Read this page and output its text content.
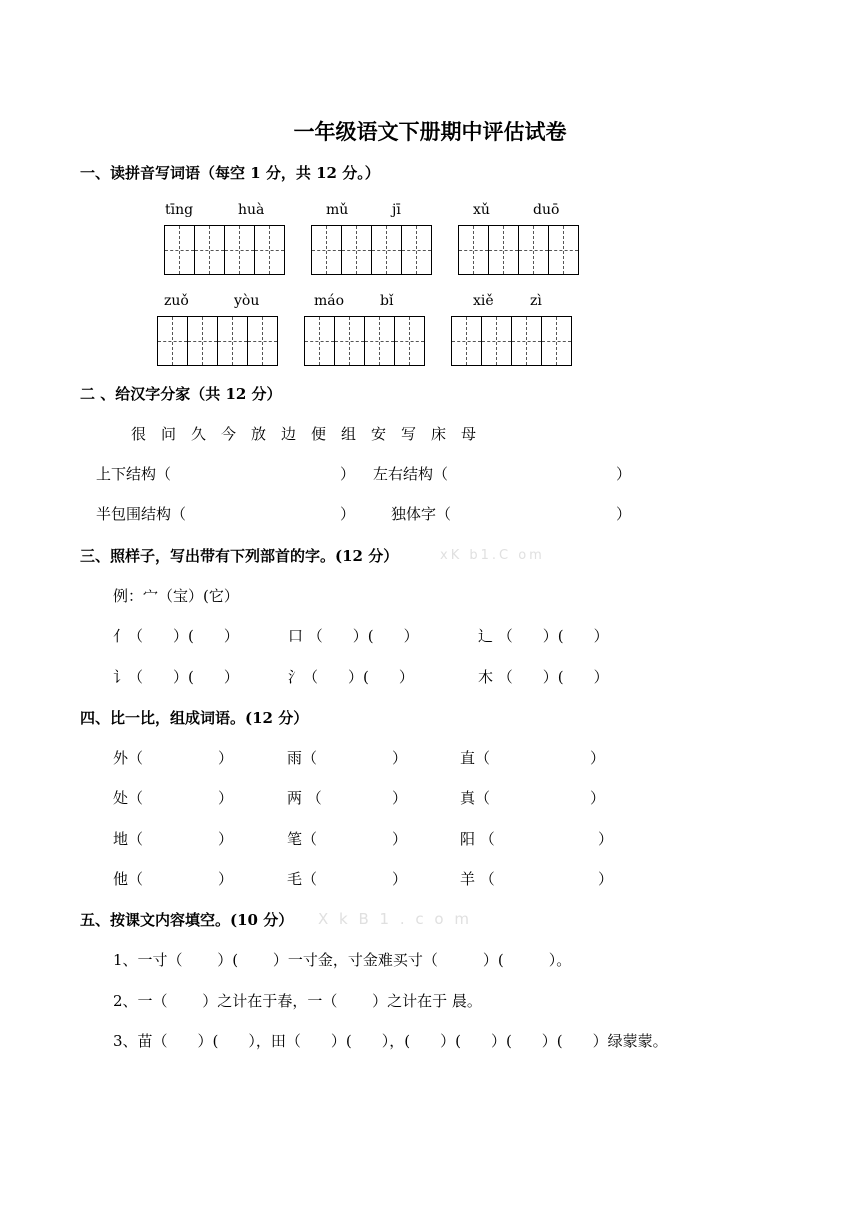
一年级语文下册期中评估试卷
一、读拼音写词语（每空 1 分，共 12 分。）
tīng	huà	mǔ	jī	xǔ	duō
zuǒ	yòu	máo	bǐ	xiě	zì
二 、给汉字分家（共 12 分）
很 问 久 今 放 边 便 组 安 写 床 母
上下结构（	） 左右结构（	）
半包围结构（	） 独体字（	）
三、照样子，写出带有下列部首的字。(12 分）	xK b1.C om
例：宀（宝）(它）
亻（　　）(　　）	口 （　　）(　　）	辶 （　　）(　　）
讠（　　）(　　）	氵（　　）(　　）	木 （　　）(　　）
四、比一比，组成词语。(12 分）
外（	）	雨（	）	直（	）
处（	）	两 （	）	真（	）
地（	）	笔（	）	阳 （	）
他（	）	毛（	）	羊 （	）
五、按课文内容填空。(10 分） X k B 1 . c o m
1、一寸（　　 ）(　　 ）一寸金，寸金难买寸（　　　）(　　　）。
2、一（　　 ）之计在于春，一（　　 ）之计在于 晨。
3、苗（　　）(　　），田（　　）(　　），(　　）(　　）(　　）(　　）绿蒙蒙。
